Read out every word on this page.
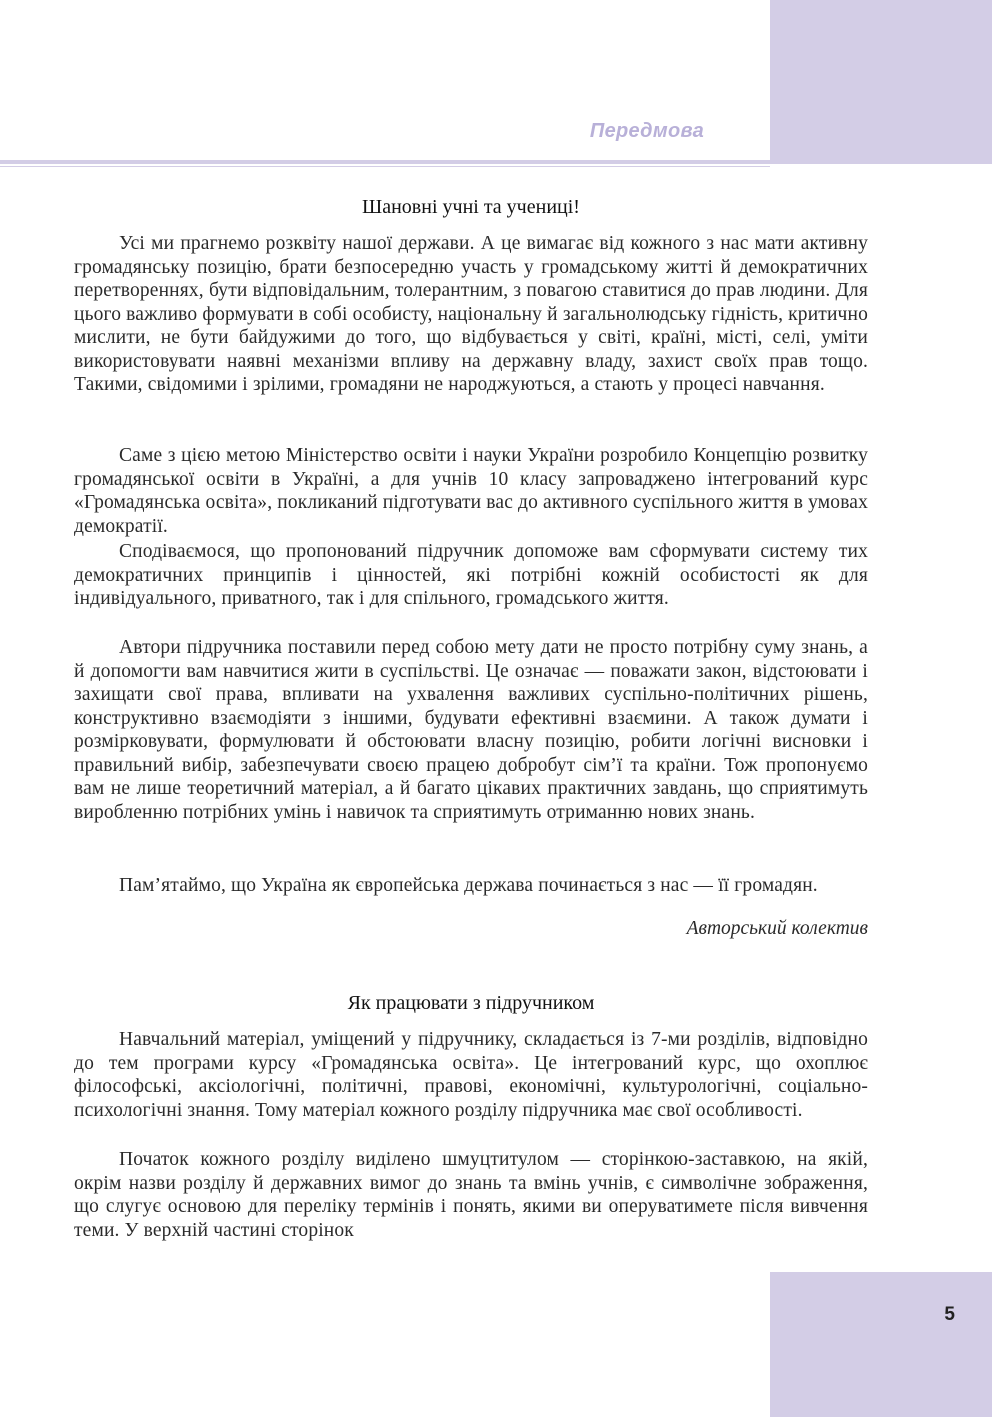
Передмова
Шановні учні та учениці!

Усі ми прагнемо розквіту нашої держави. А це вимагає від кожного з нас мати активну громадянську позицію, брати безпосередню участь у громадському житті й демократичних перетвореннях, бути відповідальним, толерантним, з повагою ставитися до прав людини. Для цього важливо формувати в собі особисту, національну й загальнолюдську гідність, критично мислити, не бути байдужими до того, що відбувається у світі, країні, місті, селі, уміти використовувати наявні механізми впливу на державну владу, захист своїх прав тощо. Такими, свідомими і зрілими, громадяни не народжуються, а стають у процесі навчання.

Саме з цією метою Міністерство освіти і науки України розробило Концепцію розвитку громадянської освіти в Україні, а для учнів 10 класу запроваджено інтегрований курс «Громадянська освіта», покликаний підготувати вас до активного суспільного життя в умовах демократії.

Сподіваємося, що пропонований підручник допоможе вам сформувати систему тих демократичних принципів і цінностей, які потрібні кожній особистості як для індивідуального, приватного, так і для спільного, громадського життя.

Автори підручника поставили перед собою мету дати не просто потрібну суму знань, а й допомогти вам навчитися жити в суспільстві. Це означає — поважати закон, відстоювати і захищати свої права, впливати на ухвалення важливих суспільно-політичних рішень, конструктивно взаємодіяти з іншими, будувати ефективні взаємини. А також думати і розмірковувати, формулювати й обстоювати власну позицію, робити логічні висновки і правильний вибір, забезпечувати своєю працею добробут сім’ї та країни. Тож пропонуємо вам не лише теоретичний матеріал, а й багато цікавих практичних завдань, що сприятимуть виробленню потрібних умінь і навичок та сприятимуть отриманню нових знань.

Пам’ятаймо, що Україна як європейська держава починається з нас — її громадян.

Авторський колектив
Як працювати з підручником

Навчальний матеріал, уміщений у підручнику, складається із 7-ми розділів, відповідно до тем програми курсу «Громадянська освіта». Це інтегрований курс, що охоплює філософські, аксіологічні, політичні, правові, економічні, культурологічні, соціально-психологічні знання. Тому матеріал кожного розділу підручника має свої особливості.

Початок кожного розділу виділено шмуцтитулом — сторінкою-заставкою, на якій, окрім назви розділу й державних вимог до знань та вмінь учнів, є символічне зображення, що слугує основою для переліку термінів і понять, якими ви оперуватимете після вивчення теми. У верхній частині сторінок

5
